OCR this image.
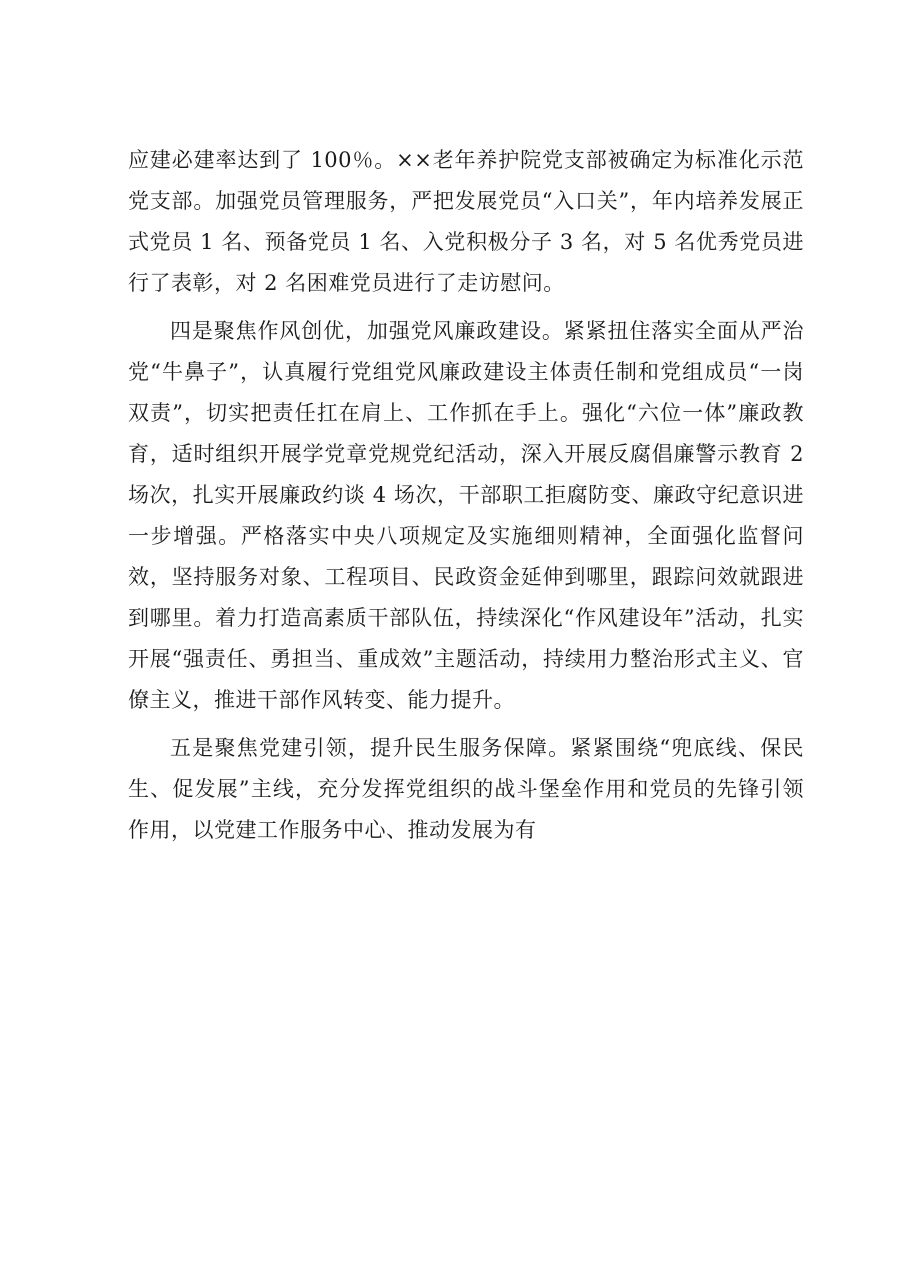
应建必建率达到了 100％。××老年养护院党支部被确定为标准化示范党支部。加强党员管理服务，严把发展党员“入口关”，年内培养发展正式党员 1 名、预备党员 1 名、入党积极分子 3 名，对 5 名优秀党员进行了表彰，对 2 名困难党员进行了走访慰问。

四是聚焦作风创优，加强党风廉政建设。紧紧扭住落实全面从严治党“牛鼻子”，认真履行党组党风廉政建设主体责任制和党组成员“一岗双责”，切实把责任扛在肩上、工作抓在手上。强化“六位一体”廉政教育，适时组织开展学党章党规党纪活动，深入开展反腐倡廉警示教育 2 场次，扎实开展廉政约谈 4 场次，干部职工拒腐防变、廉政守纪意识进一步增强。严格落实中央八项规定及实施细则精神，全面强化监督问效，坚持服务对象、工程项目、民政资金延伸到哪里，跟踪问效就跟进到哪里。着力打造高素质干部队伍，持续深化“作风建设年”活动，扎实开展“强责任、勇担当、重成效”主题活动，持续用力整治形式主义、官僚主义，推进干部作风转变、能力提升。

五是聚焦党建引领，提升民生服务保障。紧紧围绕“兜底线、保民生、促发展”主线，充分发挥党组织的战斗堡垒作用和党员的先锋引领作用，以党建工作服务中心、推动发展为有
